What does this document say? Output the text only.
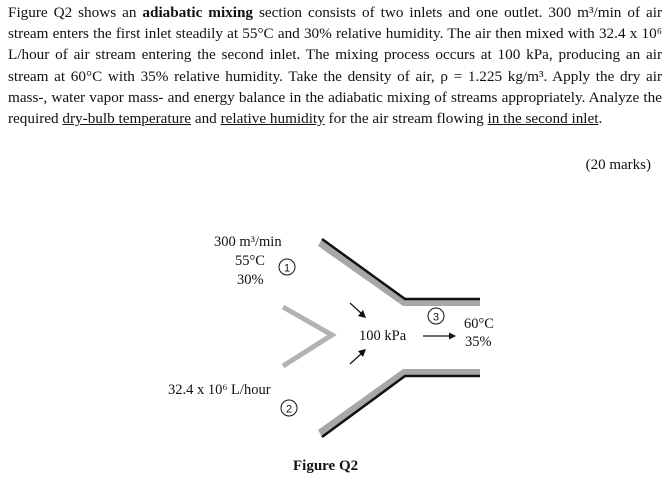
Figure Q2 shows an adiabatic mixing section consists of two inlets and one outlet. 300 m³/min of air stream enters the first inlet steadily at 55°C and 30% relative humidity. The air then mixed with 32.4 x 10⁶ L/hour of air stream entering the second inlet. The mixing process occurs at 100 kPa, producing an air stream at 60°C with 35% relative humidity. Take the density of air, ρ = 1.225 kg/m³. Apply the dry air mass-, water vapor mass- and energy balance in the adiabatic mixing of streams appropriately. Analyze the required dry-bulb temperature and relative humidity for the air stream flowing in the second inlet.
(20 marks)
300 m³/min
55°C
30%
1
100 kPa
3 60°C
35%
32.4 x 10⁶ L/hour
2
Figure Q2
